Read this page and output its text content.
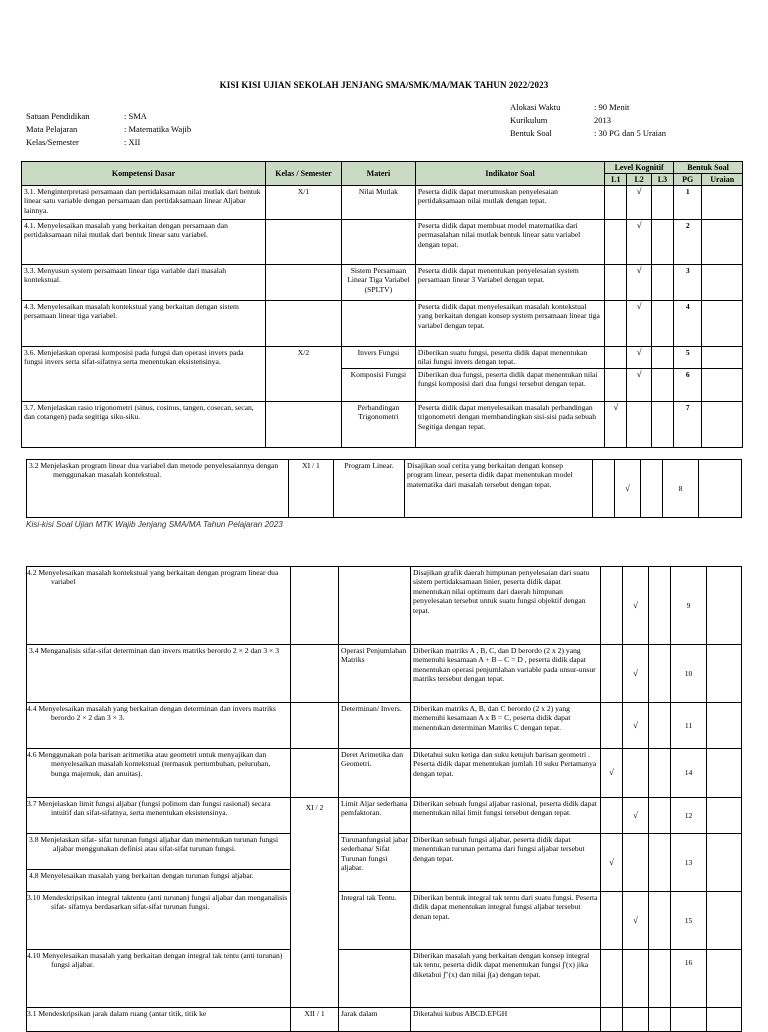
KISI KISI UJIAN SEKOLAH JENJANG SMA/SMK/MA/MAK TAHUN 2022/2023
Satuan Pendidikan	: SMA
Mata Pelajaran	: Matematika Wajib
Kelas/Semester	: XII
Alokasi Waktu	: 90 Menit
Kurikulum	2013
Bentuk Soal	: 30 PG dan 5 Uraian
Kompetensi Dasar	Kelas / Semester	Materi	Indikator Soal	Level Kognitif			Bentuk Soal	
				L1	L2	L3	PG	Uraian
3.1. Menginterpretasi persamaan dan pertidaksamaan nilai mutlak dari bentuk linear satu variable dengan persamaan dan pertidaksamaan linear Aljabar lainnya.	X/1	Nilai Mutlak	Peserta didik dapat merumuskan penyelesaian pertidaksamaan nilai mutlak dengan tepat.		√		1	
4.1. Menyelesaikan masalah yang berkaitan dengan persamaan dan pertidaksamaan nilai mutlak dari bentuk linear satu variabel.			Peserta didik dapat membuat model matematika dari permasalahan nilai mutlak bentuk linear satu variabel dengan tepat.		√		2	
3.3. Menyusun system persamaan linear tiga variable dari masalah kontekstual.		Sistem Persamaan Linear Tiga Variabel (SPLTV)	Peserta didik dapat menentukan penyelesaian system persamaan linear 3 Variabel dengan tepat.		√		3	
4.3. Menyelesaikan masalah kontekstual yang berkaitan dengan sistem persamaan linear tiga variabel.			Peserta didik dapat menyelesaikan masalah kontekstual yang berkaitan dengan konsep system persamaan linear tiga variabel dengan tepat.		√		4	
3.6. Menjelaskan operasi komposisi pada fungsi dan operasi invers pada fungsi invers serta sifat-sifatnya serta menentukan eksistensinya.	X/2	Invers Fungsi	Diberikan suatu fungsi, peserta didik dapat menentukan nilai fungsi invers dengan tepat.		√		5	
		Komposisi Fungsi	Diberikan dua fungsi, peserta didik dapat menentukan nilai fungsi komposisi dari dua fungsi tersebut dengan tepat.		√		6	
3.7. Menjelaskan rasio trigonometri (sinus, cosinus, tangen, cosecan, secan, dan cotangen) pada segitiga siku-siku.		Perbandingan Trigonometri	Peserta didik dapat menyelesaikan masalah perbandingan trigonometri dengan membandingkan sisi-sisi pada sebuah Segitiga dengan tepat.	√			7	
3.2 Menjelaskan program linear dua variabel dan metode penyelesaiannya dengan menggunakan masalah kontekstual.	XI / 1	Program Linear.	Disajikan soal cerita yang berkaitan dengan konsep program linear, peserta didik dapat menentukan model matematika dari masalah tersebut dengan tepat.		√		8	
Kisi-kisi Soal Ujian MTK Wajib Jenjang SMA/MA Tahun Pelajaran 2023
4.2 Menyelesaikan masalah kontekstual yang berkaitan dengan program linear dua variabel			Disajikan grafik daerah himpunan penyelesaian dari suatu sistem pertidaksamaan linier, peserta didik dapat menentukan nilai optimum dari daerah himpunan penyelesaian tersebut untuk suatu fungsi objektif dengan tepat.		√		9	
3.4 Menganalisis sifat-sifat determinan dan invers matriks berordo 2 × 2 dan 3 × 3		Operasi Penjumlahan Matriks	Diberikan matriks A , B, C, dan D berordo (2 x 2) yang memenuhi kesamaan A + B – C = D , peserta didik dapat menentukan operasi penjumlahan variable pada unsur-unsur matriks tersebut dengan tepat.		√		10	
4.4 Menyelesaikan masalah yang berkaitan dengan determinan dan invers matriks berordo 2 × 2 dan 3 × 3.		Determinan/ Invers.	Diberikan matriks A, B, dan C berordo (2 x 2) yang memenuhi kesamaan A x B = C, peserta didik dapat menentukan determinan Matriks C dengan tepat.		√		11	
4.6 Menggunakan pola barisan aritmetika atau geometri untuk menyajikan dan menyelesaikan masalah kontekstual (termasuk pertumbuhan, peluruhan, bunga majemuk, dan anuitas).		Deret Arimetika dan Geometri.	Diketahui suku ketiga dan suku ketujuh barisan geometri . Peserta didik dapat menentukan jumlah 10 suku Pertamanya dengan tepat.	√			14	
3.7 Menjelaskan limit fungsi aljabar (fungsi polinom dan fungsi rasional) secara intuitif dan sifat-sifatnya, serta menentukan eksistensinya.	XI / 2	Limit Aljar sederhana pemfaktoran.	Diberikan sebuah fungsi aljabar rasional, peserta didik dapat menentukan nilai limit fungsi tersebut dengan tepat.		√		12	

3.8 Menjelaskan sifat- sifat turunan fungsi aljabar dan menentukan turunan fungsi aljabar menggunakan definisi atau sifat-sifat turunan fungsi.
4.8 Menyelesaikan masalah yang berkaitan dengan turunan fungsi aljabar.		Turunanfungsial jabar sederhana/ Sifat Turunan fungsi aljabar.	Diberikan sebuah fungsi aljabar, peserta didik dapat menentukan turunan pertama dari fungsi aljabar tersebut dengan tepat.	√			13	
3.10 Mendeskripsikan integral taktentu (anti turunan) fungsi aljabar dan menganalisis sifat- sifatnya berdasarkan sifat-sifat turunan fungsi.		Integral tak Tentu.	Diberikan bentuk integral tak tentu dari suatu fungsi. Peserta didik dapat menentukan integral fungsi aljabar tersebut denan tepat.		√		15	
4.10 Menyelesaikan masalah yang berkaitan dengan integral tak tentu (anti turunan) fungsi aljabar.			Diberikan masalah yang berkaitan dengan konsep integral tak tentu, peserta didik dapat menentukan fungsi ∫′(x) jika diketahui ∫′′(x) dan nilai ∫(a) dengan tepat.				16	
3.1 Mendeskripsikan jarak dalam ruang (antar titik, titik ke	XII / 1	Jarak dalam	Diketahui kubus ABCD.EFGH					
